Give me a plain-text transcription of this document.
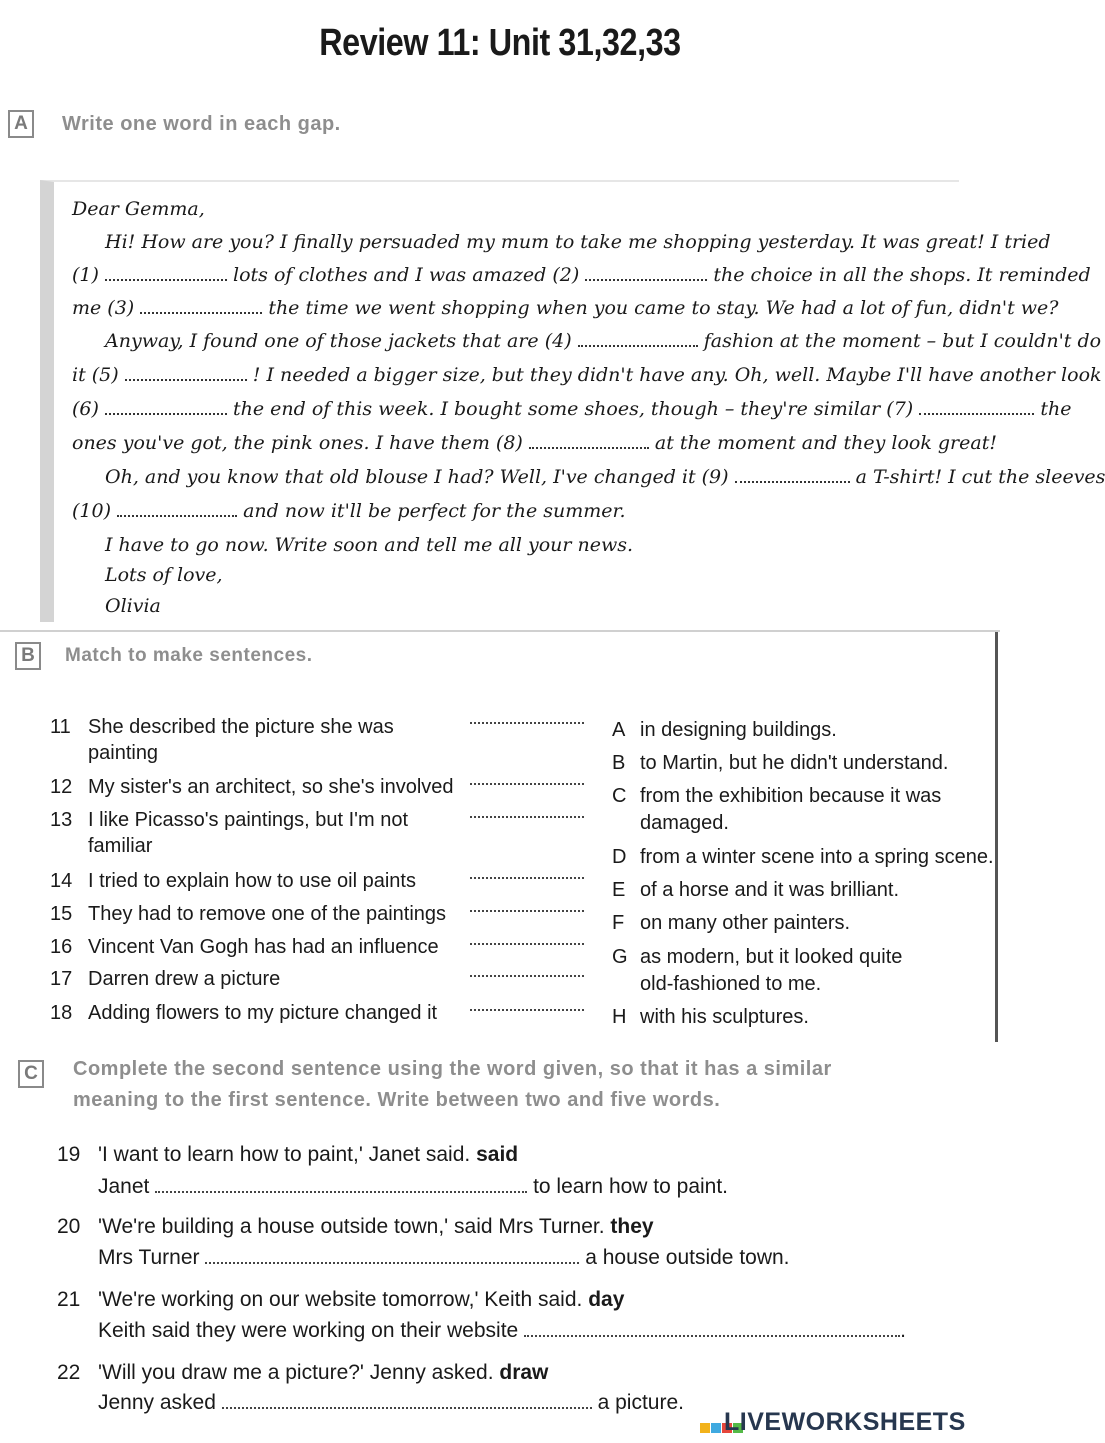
Review 11: Unit 31,32,33
A	Write one word in each gap.
Dear Gemma,
Hi! How are you? I finally persuaded my mum to take me shopping yesterday. It was great! I tried
(1)	lots of clothes and I was amazed (2)	the choice in all the shops. It reminded
me (3)	the time we went shopping when you came to stay. We had a lot of fun, didn't we?
Anyway, I found one of those jackets that are (4)	fashion at the moment – but I couldn't do
it (5)	! I needed a bigger size, but they didn't have any. Oh, well. Maybe I'll have another look
(6)	the end of this week. I bought some shoes, though – they're similar (7)	the
ones you've got, the pink ones. I have them (8)	at the moment and they look great!
Oh, and you know that old blouse I had? Well, I've changed it (9)	a T-shirt! I cut the sleeves
(10)	and now it'll be perfect for the summer.
I have to go now. Write soon and tell me all your news.
Lots of love,
Olivia
B	Match to make sentences.
11 She described the picture she was
painting
12 My sister's an architect, so she's involved
13 I like Picasso's paintings, but I'm not
familiar
14 I tried to explain how to use oil paints
15 They had to remove one of the paintings
16 Vincent Van Gogh has had an influence
17 Darren drew a picture
18 Adding flowers to my picture changed it
A in designing buildings.
B to Martin, but he didn't understand.
C from the exhibition because it was
damaged.
D from a winter scene into a spring scene.
E of a horse and it was brilliant.
F on many other painters.
G as modern, but it looked quite
old-fashioned to me.
H with his sculptures.
C	Complete the second sentence using the word given, so that it has a similar
meaning to the first sentence. Write between two and five words.
19 'I want to learn how to paint,' Janet said. said
Janet	to learn how to paint.
20 'We're building a house outside town,' said Mrs Turner. they
Mrs Turner	a house outside town.
21 'We're working on our website tomorrow,' Keith said. day
Keith said they were working on their website	.
22 'Will you draw me a picture?' Jenny asked. draw
Jenny asked	a picture.
LIVEWORKSHEETS
